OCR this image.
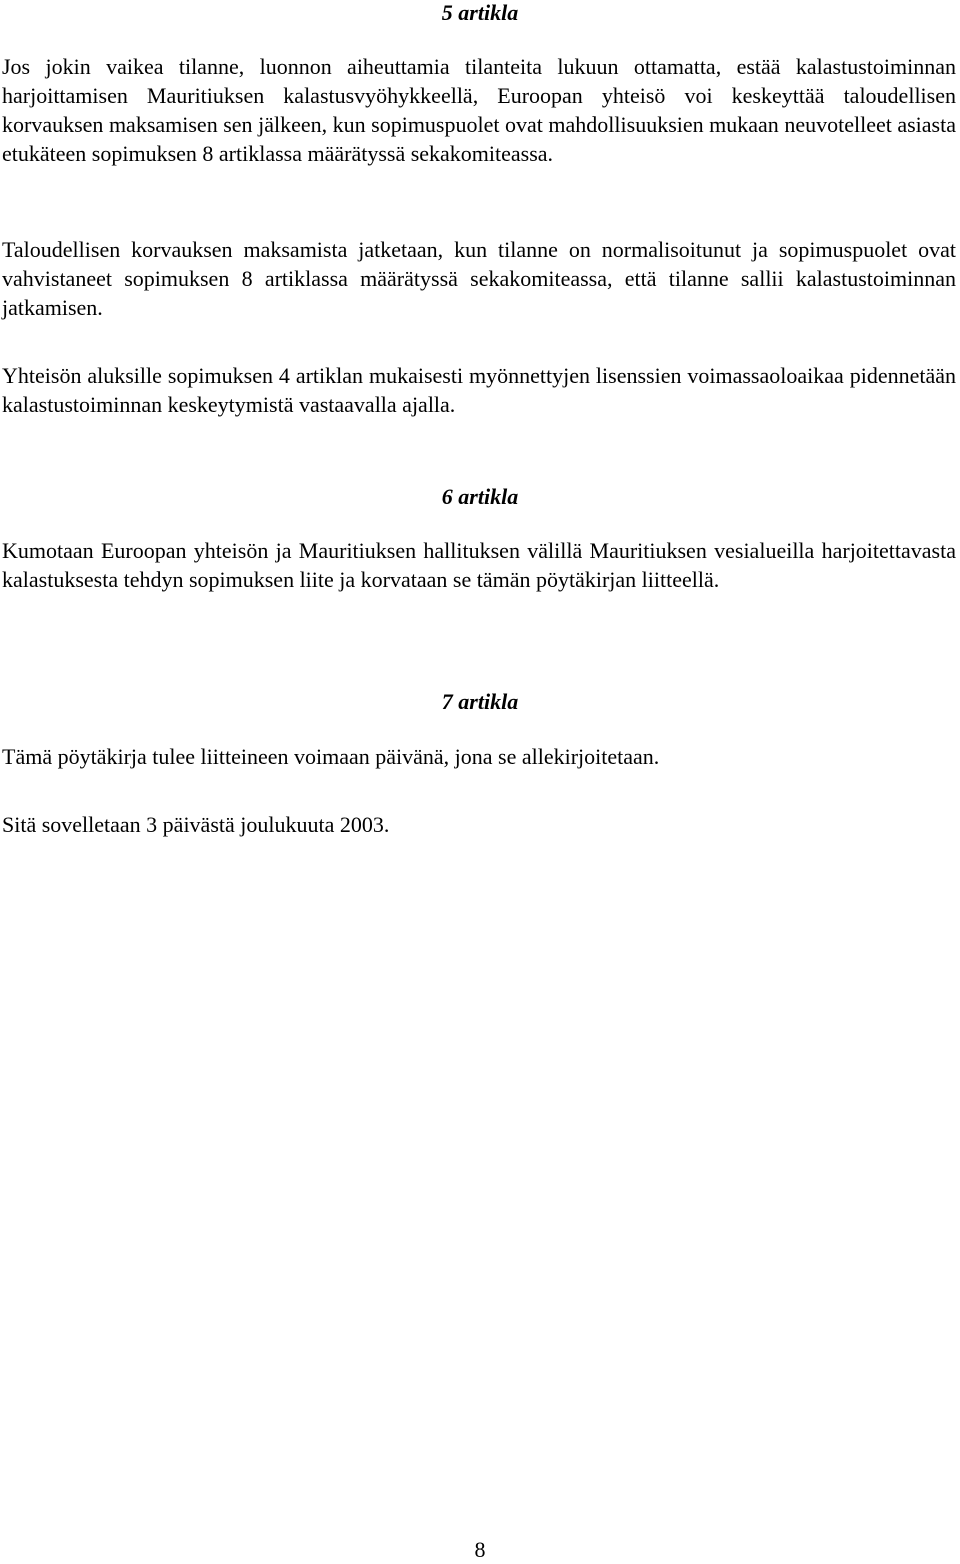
5 artikla

Jos jokin vaikea tilanne, luonnon aiheuttamia tilanteita lukuun ottamatta, estää kalastustoiminnan harjoittamisen Mauritiuksen kalastusvyöhykkeellä, Euroopan yhteisö voi keskeyttää taloudellisen korvauksen maksamisen sen jälkeen, kun sopimuspuolet ovat mahdollisuuksien mukaan neuvotelleet asiasta etukäteen sopimuksen 8 artiklassa määrätyssä sekakomiteassa.

Taloudellisen korvauksen maksamista jatketaan, kun tilanne on normalisoitunut ja sopimuspuolet ovat vahvistaneet sopimuksen 8 artiklassa määrätyssä sekakomiteassa, että tilanne sallii kalastustoiminnan jatkamisen.

Yhteisön aluksille sopimuksen 4 artiklan mukaisesti myönnettyjen lisenssien voimassaoloaikaa pidennetään kalastustoiminnan keskeytymistä vastaavalla ajalla.

6 artikla

Kumotaan Euroopan yhteisön ja Mauritiuksen hallituksen välillä Mauritiuksen vesialueilla harjoitettavasta kalastuksesta tehdyn sopimuksen liite ja korvataan se tämän pöytäkirjan liitteellä.

7 artikla

Tämä pöytäkirja tulee liitteineen voimaan päivänä, jona se allekirjoitetaan.

Sitä sovelletaan 3 päivästä joulukuuta 2003.

8
